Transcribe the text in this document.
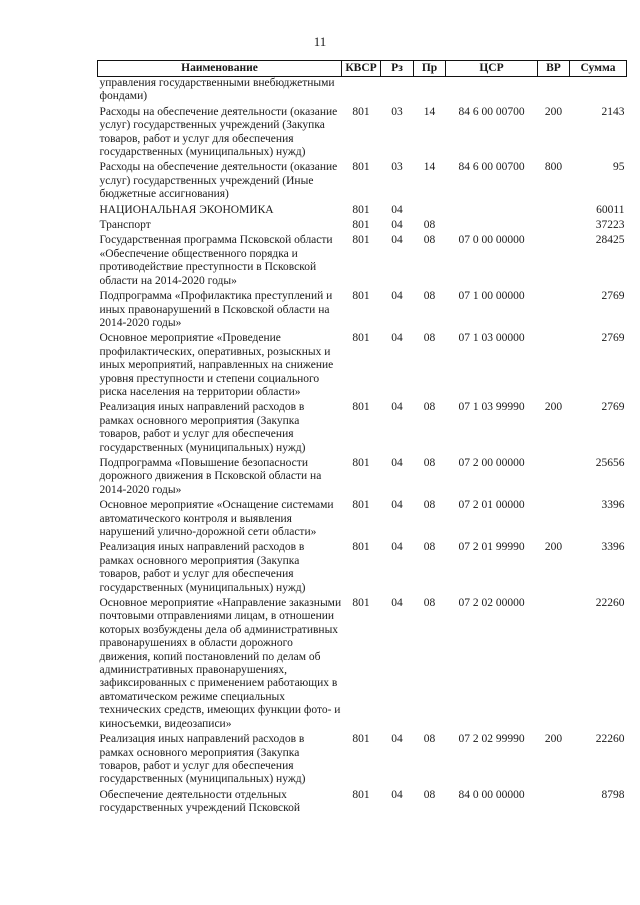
11
Наименование	КВСР	Рз	Пр	ЦСР	ВР	Сумма
управления государственными внебюджетными фондами)						
Расходы на обеспечение деятельности (оказание услуг) государственных учреждений (Закупка товаров, работ и услуг для обеспечения государственных (муниципальных) нужд)	801	03	14	84 6 00 00700	200	2143
Расходы на обеспечение деятельности (оказание услуг) государственных учреждений (Иные бюджетные ассигнования)	801	03	14	84 6 00 00700	800	95
НАЦИОНАЛЬНАЯ ЭКОНОМИКА	801	04				60011
Транспорт	801	04	08			37223
Государственная программа Псковской области «Обеспечение общественного порядка и противодействие преступности в Псковской области на 2014-2020 годы»	801	04	08	07 0 00 00000		28425
Подпрограмма «Профилактика преступлений и иных правонарушений в Псковской области на 2014-2020 годы»	801	04	08	07 1 00 00000		2769
Основное мероприятие «Проведение профилактических, оперативных, розыскных и иных мероприятий, направленных на снижение уровня преступности и степени социального риска населения на территории области»	801	04	08	07 1 03 00000		2769
Реализация иных направлений расходов в рамках основного мероприятия (Закупка товаров, работ и услуг для обеспечения государственных (муниципальных) нужд)	801	04	08	07 1 03 99990	200	2769
Подпрограмма «Повышение безопасности дорожного движения в Псковской области на 2014-2020 годы»	801	04	08	07 2 00 00000		25656
Основное мероприятие «Оснащение системами автоматического контроля и выявления нарушений улично-дорожной сети области»	801	04	08	07 2 01 00000		3396
Реализация иных направлений расходов в рамках основного мероприятия (Закупка товаров, работ и услуг для обеспечения государственных (муниципальных) нужд)	801	04	08	07 2 01 99990	200	3396
Основное мероприятие «Направление заказными почтовыми отправлениями лицам, в отношении которых возбуждены дела об административных правонарушениях в области дорожного движения, копий постановлений по делам об административных правонарушениях, зафиксированных с применением работающих в автоматическом режиме специальных технических средств, имеющих функции фото- и киносъемки, видеозаписи»	801	04	08	07 2 02 00000		22260
Реализация иных направлений расходов в рамках основного мероприятия (Закупка товаров, работ и услуг для обеспечения государственных (муниципальных) нужд)	801	04	08	07 2 02 99990	200	22260
Обеспечение деятельности отдельных государственных учреждений Псковской	801	04	08	84 0 00 00000		8798
